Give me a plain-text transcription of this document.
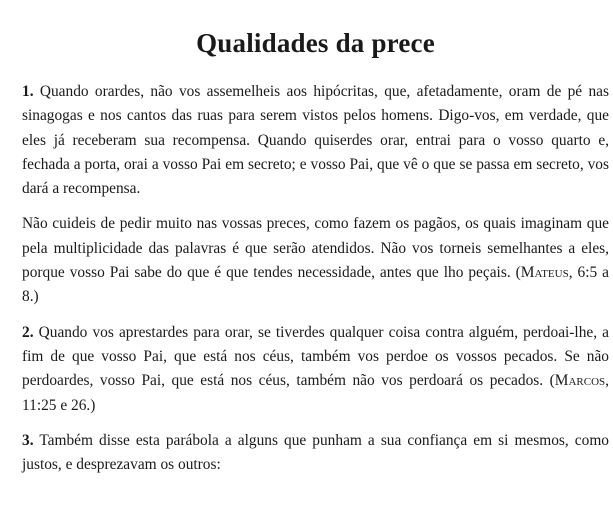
Qualidades da prece

1. Quando orardes, não vos assemelheis aos hipócritas, que, afetadamente, oram de pé nas sinagogas e nos cantos das ruas para serem vistos pelos homens. Digo-vos, em verdade, que eles já receberam sua recompensa. Quando quiserdes orar, entrai para o vosso quarto e, fechada a porta, orai a vosso Pai em secreto; e vosso Pai, que vê o que se passa em secreto, vos dará a recompensa.

Não cuideis de pedir muito nas vossas preces, como fazem os pagãos, os quais imaginam que pela multiplicidade das palavras é que serão atendidos. Não vos torneis semelhantes a eles, porque vosso Pai sabe do que é que tendes necessidade, antes que lho peçais. (Mateus, 6:5 a 8.)

2. Quando vos aprestardes para orar, se tiverdes qualquer coisa contra alguém, perdoai-lhe, a fim de que vosso Pai, que está nos céus, também vos perdoe os vossos pecados. Se não perdoardes, vosso Pai, que está nos céus, também não vos perdoará os pecados. (Marcos, 11:25 e 26.)

3. Também disse esta parábola a alguns que punham a sua confiança em si mesmos, como justos, e desprezavam os outros:
